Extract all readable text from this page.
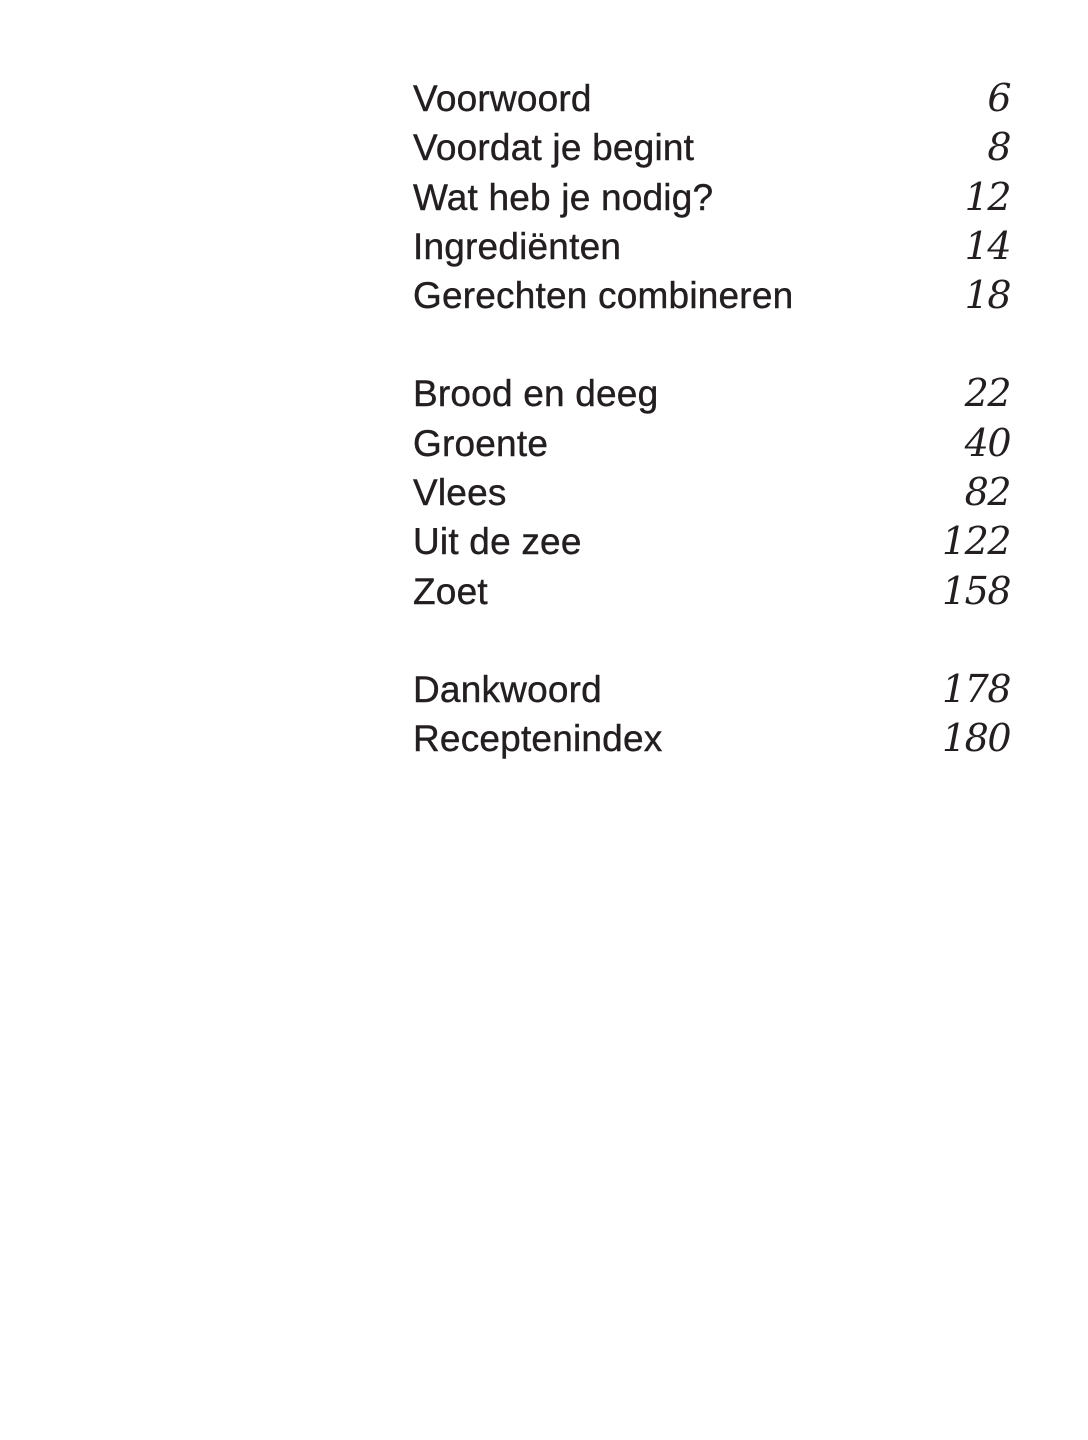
Voorwoord	6
Voordat je begint	8
Wat heb je nodig?	12
Ingrediënten	14
Gerechten combineren	18
Brood en deeg	22
Groente	40
Vlees	82
Uit de zee	122
Zoet	158
Dankwoord	178
Receptenindex	180
